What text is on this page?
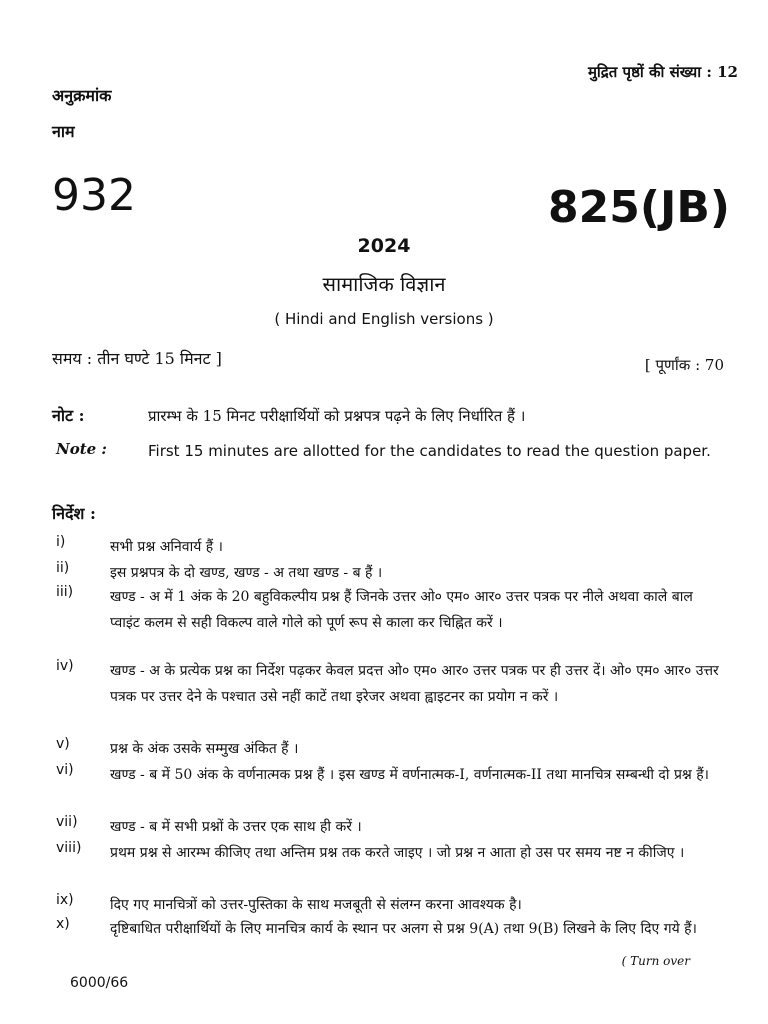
मुद्रित पृष्ठों की संख्या : 12
अनुक्रमांक
नाम
932	825(JB)
2024
सामाजिक विज्ञान
( Hindi and English versions )
समय : तीन घण्टे 15 मिनट ]	[ पूर्णांक : 70
नोट :	प्रारम्भ के 15 मिनट परीक्षार्थियों को प्रश्नपत्र पढ़ने के लिए निर्धारित हैं ।
Note :	First 15 minutes are allotted for the candidates to read the question paper.
निर्देश :
i)	सभी प्रश्न अनिवार्य हैं ।
ii)	इस प्रश्नपत्र के दो खण्ड, खण्ड - अ तथा खण्ड - ब हैं ।
iii)	खण्ड - अ में 1 अंक के 20 बहुविकल्पीय प्रश्न हैं जिनके उत्तर ओ० एम० आर० उत्तर पत्रक पर नीले अथवा काले बाल प्वाइंट कलम से सही विकल्प वाले गोले को पूर्ण रूप से काला कर चिह्नित करें ।
iv)	खण्ड - अ के प्रत्येक प्रश्न का निर्देश पढ़कर केवल प्रदत्त ओ० एम० आर० उत्तर पत्रक पर ही उत्तर दें। ओ० एम० आर० उत्तर पत्रक पर उत्तर देने के पश्चात उसे नहीं काटें तथा इरेजर अथवा ह्वाइटनर का प्रयोग न करें ।
v)	प्रश्न के अंक उसके सम्मुख अंकित हैं ।
vi)	खण्ड - ब में 50 अंक के वर्णनात्मक प्रश्न हैं । इस खण्ड में वर्णनात्मक-I, वर्णनात्मक-II तथा मानचित्र सम्बन्धी दो प्रश्न हैं।
vii) खण्ड - ब में सभी प्रश्नों के उत्तर एक साथ ही करें ।
viii) प्रथम प्रश्न से आरम्भ कीजिए तथा अन्तिम प्रश्न तक करते जाइए । जो प्रश्न न आता हो उस पर समय नष्ट न कीजिए ।
ix)	दिए गए मानचित्रों को उत्तर-पुस्तिका के साथ मजबूती से संलग्न करना आवश्यक है।
x)	दृष्टिबाधित परीक्षार्थियों के लिए मानचित्र कार्य के स्थान पर अलग से प्रश्न 9(A) तथा 9(B) लिखने के लिए दिए गये हैं।
( Turn over
6000/66
